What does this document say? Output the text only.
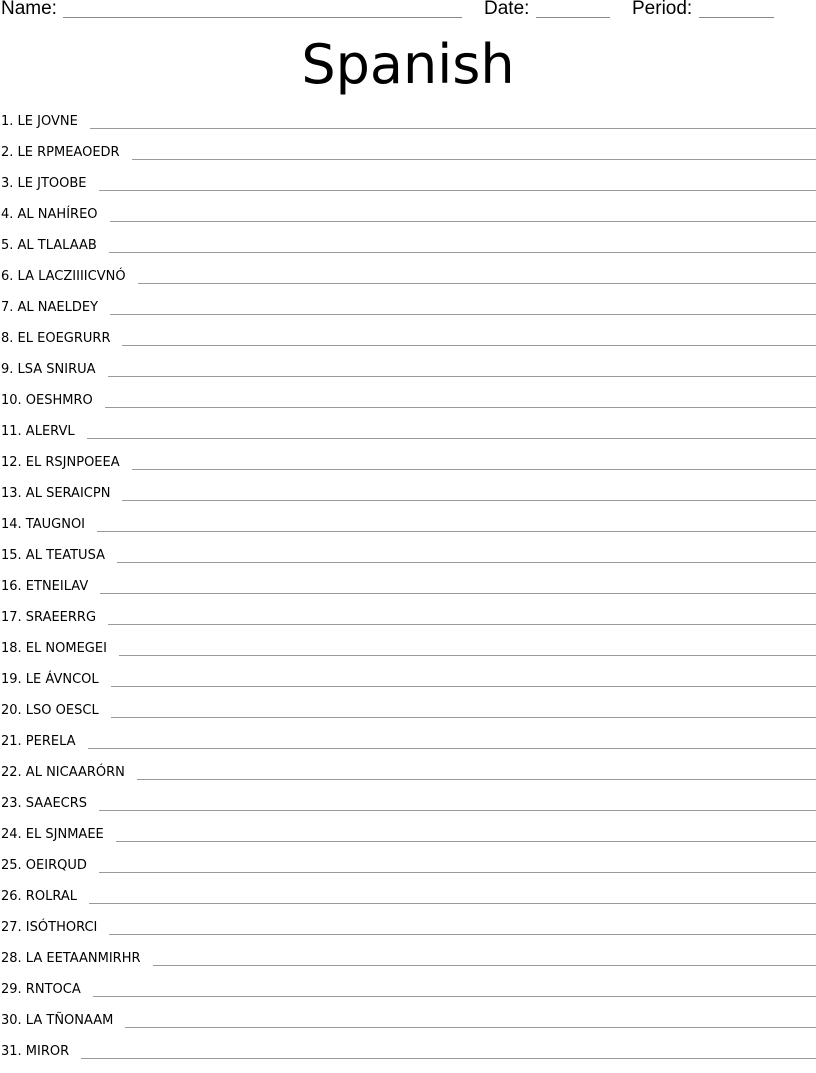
Name:	Date:	Period:
Spanish
1. LE JOVNE
2. LE RPMEAOEDR
3. LE JTOOBE
4. AL NAHÍREO
5. AL TLALAAB
6. LA LACZIIIICVNÓ
7. AL NAELDEY
8. EL EOEGRURR
9. LSA SNIRUA
10. OESHMRO
11. ALERVL
12. EL RSJNPOEEA
13. AL SERAICPN
14. TAUGNOI
15. AL TEATUSA
16. ETNEILAV
17. SRAEERRG
18. EL NOMEGEI
19. LE ÁVNCOL
20. LSO OESCL
21. PERELA
22. AL NICAARÓRN
23. SAAECRS
24. EL SJNMAEE
25. OEIRQUD
26. ROLRAL
27. ISÓTHORCI
28. LA EETAANMIRHR
29. RNTOCA
30. LA TÑONAAM
31. MIROR
